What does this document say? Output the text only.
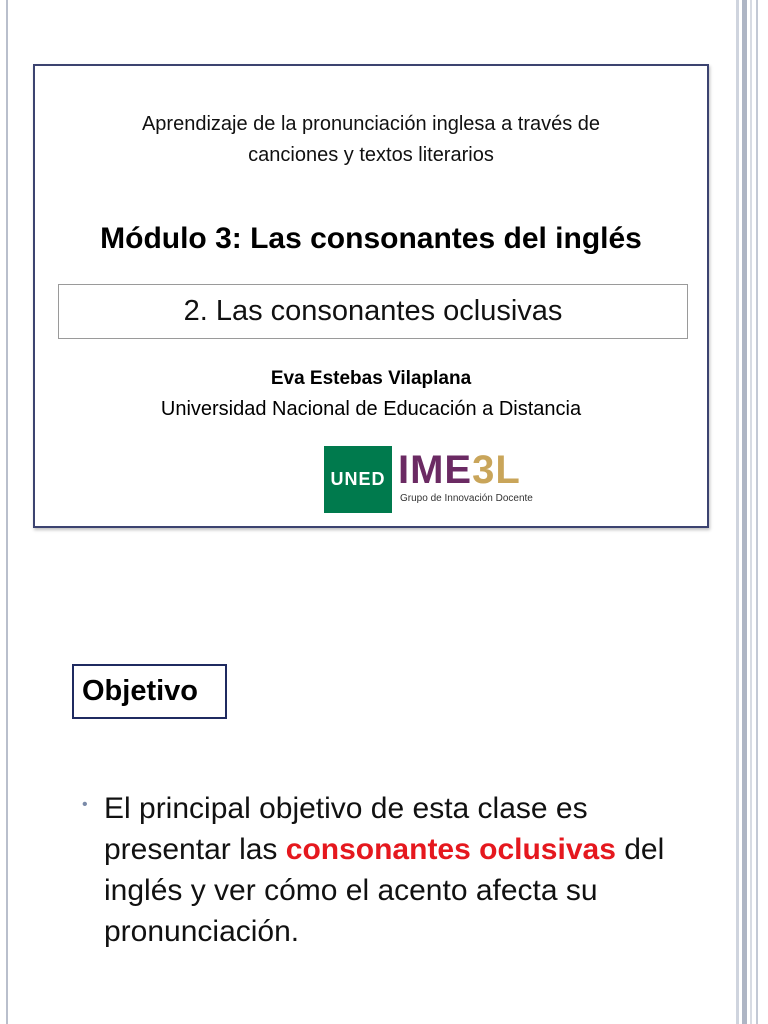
Aprendizaje de la pronunciación inglesa a través de
canciones y textos literarios
Módulo 3: Las consonantes del inglés
2. Las consonantes oclusivas
Eva Estebas Vilaplana
Universidad Nacional de Educación a Distancia
UNED IME3L
Grupo de Innovación Docente
Objetivo
• El principal objetivo de esta clase es presentar las consonantes oclusivas del inglés y ver cómo el acento afecta su pronunciación.
